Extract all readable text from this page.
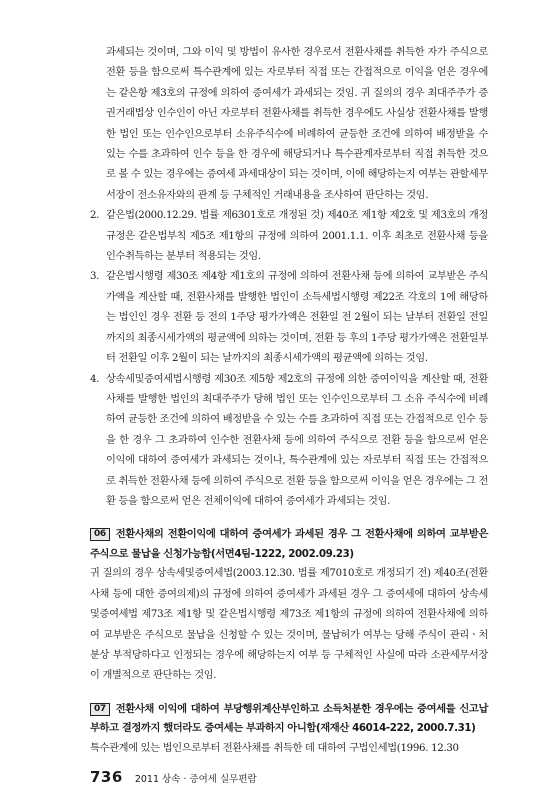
과세되는 것이며, 그와 이익 및 방법이 유사한 경우로서 전환사채를 취득한 자가 주식으로 전환 등을 함으로써 특수관계에 있는 자로부터 직접 또는 간접적으로 이익을 얻은 경우에는 같은항 제3호의 규정에 의하여 증여세가 과세되는 것임. 귀 질의의 경우 최대주주가 증권거래법상 인수인이 아닌 자로부터 전환사채를 취득한 경우에도 사실상 전환사채를 발행한 법인 또는 인수인으로부터 소유주식수에 비례하여 균등한 조건에 의하여 배정받을 수 있는 수를 초과하여 인수 등을 한 경우에 해당되거나 특수관계자로부터 직접 취득한 것으로 볼 수 있는 경우에는 증여세 과세대상이 되는 것이며, 이에 해당하는지 여부는 관할세무서장이 전소유자와의 관계 등 구체적인 거래내용을 조사하여 판단하는 것임.

2. 같은법(2000.12.29. 법률 제6301호로 개정된 것) 제40조 제1항 제2호 및 제3호의 개정규정은 같은법부칙 제5조 제1항의 규정에 의하여 2001.1.1. 이후 최초로 전환사채 등을 인수취득하는 분부터 적용되는 것임.
3. 같은법시행령 제30조 제4항 제1호의 규정에 의하여 전환사채 등에 의하여 교부받은 주식가액을 계산할 때, 전환사채를 발행한 법인이 소득세법시행령 제22조 각호의 1에 해당하는 법인인 경우 전환 등 전의 1주당 평가가액은 전환일 전 2월이 되는 날부터 전환일 전일까지의 최종시세가액의 평균액에 의하는 것이며, 전환 등 후의 1주당 평가가액은 전환일부터 전환일 이후 2월이 되는 날까지의 최종시세가액의 평균액에 의하는 것임.
4. 상속세및증여세법시행령 제30조 제5항 제2호의 규정에 의한 증여이익을 계산할 때, 전환사채를 발행한 법인의 최대주주가 당해 법인 또는 인수인으로부터 그 소유 주식수에 비례하여 균등한 조건에 의하여 배정받을 수 있는 수를 초과하여 직접 또는 간접적으로 인수 등을 한 경우 그 초과하여 인수한 전환사채 등에 의하여 주식으로 전환 등을 함으로써 얻은 이익에 대하여 증여세가 과세되는 것이나, 특수관계에 있는 자로부터 직접 또는 간접적으로 취득한 전환사채 등에 의하여 주식으로 전환 등을 함으로써 이익을 얻은 경우에는 그 전환 등을 함으로써 얻은 전체이익에 대하여 증여세가 과세되는 것임.

06 전환사채의 전환이익에 대하여 증여세가 과세된 경우 그 전환사채에 의하여 교부받은 주식으로 물납을 신청가능함(서면4팀-1222, 2002.09.23)

귀 질의의 경우 상속세및증여세법(2003.12.30. 법률 제7010호로 개정되기 전) 제40조(전환사채 등에 대한 증여의제)의 규정에 의하여 증여세가 과세된 경우 그 증여세에 대하여 상속세및증여세법 제73조 제1항 및 같은법시행령 제73조 제1항의 규정에 의하여 전환사채에 의하여 교부받은 주식으로 물납을 신청할 수 있는 것이며, 물납허가 여부는 당해 주식이 관리ㆍ처분상 부적당하다고 인정되는 경우에 해당하는지 여부 등 구체적인 사실에 따라 소관세무서장이 개별적으로 판단하는 것임.

07 전환사채 이익에 대하여 부당행위계산부인하고 소득처분한 경우에는 증여세를 신고납부하고 결정까지 했더라도 증여세는 부과하지 아니함(재재산 46014-222, 2000.7.31)

특수관계에 있는 법인으로부터 전환사채를 취득한 데 대하여 구법인세법(1996. 12.30

736 2011 상속 · 증여세 실무편람
